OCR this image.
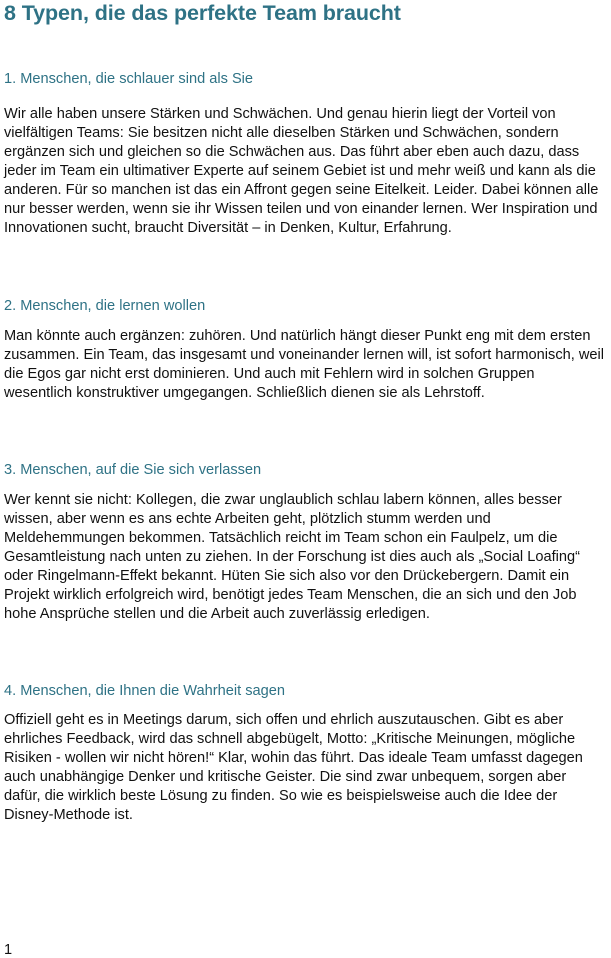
8 Typen, die das perfekte Team braucht
1. Menschen, die schlauer sind als Sie

Wir alle haben unsere Stärken und Schwächen. Und genau hierin liegt der Vorteil von vielfältigen Teams: Sie besitzen nicht alle dieselben Stärken und Schwächen, sondern ergänzen sich und gleichen so die Schwächen aus. Das führt aber eben auch dazu, dass jeder im Team ein ultimativer Experte auf seinem Gebiet ist und mehr weiß und kann als die anderen. Für so manchen ist das ein Affront gegen seine Eitelkeit. Leider. Dabei können alle nur besser werden, wenn sie ihr Wissen teilen und von einander lernen. Wer Inspiration und Innovationen sucht, braucht Diversität – in Denken, Kultur, Erfahrung.

2. Menschen, die lernen wollen

Man könnte auch ergänzen: zuhören. Und natürlich hängt dieser Punkt eng mit dem ersten zusammen. Ein Team, das insgesamt und voneinander lernen will, ist sofort harmonisch, weil die Egos gar nicht erst dominieren. Und auch mit Fehlern wird in solchen Gruppen wesentlich konstruktiver umgegangen. Schließlich dienen sie als Lehrstoff.

3. Menschen, auf die Sie sich verlassen

Wer kennt sie nicht: Kollegen, die zwar unglaublich schlau labern können, alles besser wissen, aber wenn es ans echte Arbeiten geht, plötzlich stumm werden und Meldehemmungen bekommen. Tatsächlich reicht im Team schon ein Faulpelz, um die Gesamtleistung nach unten zu ziehen. In der Forschung ist dies auch als „Social Loafing“ oder Ringelmann-Effekt bekannt. Hüten Sie sich also vor den Drückebergern. Damit ein Projekt wirklich erfolgreich wird, benötigt jedes Team Menschen, die an sich und den Job hohe Ansprüche stellen und die Arbeit auch zuverlässig erledigen.

4. Menschen, die Ihnen die Wahrheit sagen

Offiziell geht es in Meetings darum, sich offen und ehrlich auszutauschen. Gibt es aber ehrliches Feedback, wird das schnell abgebügelt, Motto: „Kritische Meinungen, mögliche Risiken - wollen wir nicht hören!“ Klar, wohin das führt. Das ideale Team umfasst dagegen auch unabhängige Denker und kritische Geister. Die sind zwar unbequem, sorgen aber dafür, die wirklich beste Lösung zu finden. So wie es beispielsweise auch die Idee der Disney-Methode ist.

1
